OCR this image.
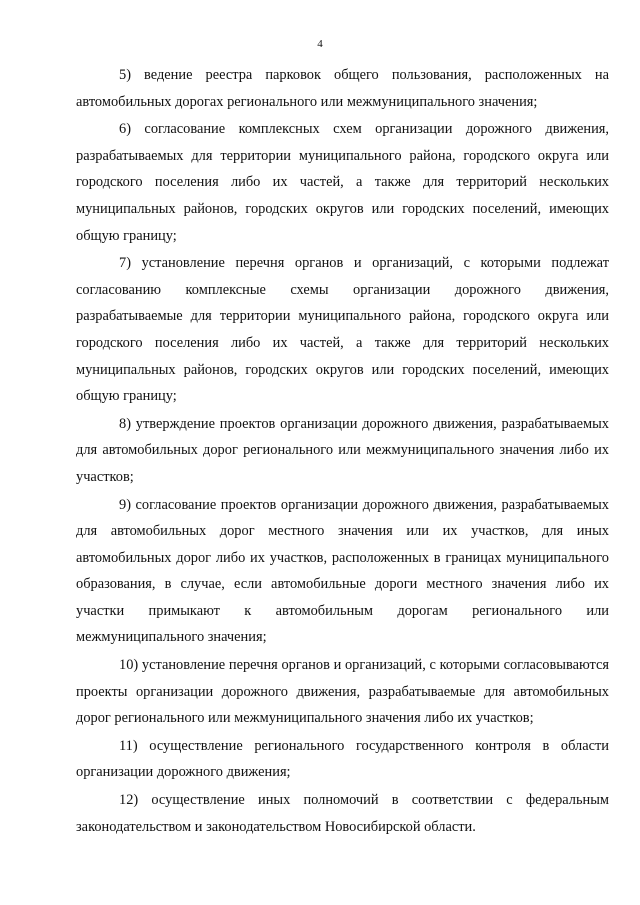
4

5) ведение реестра парковок общего пользования, расположенных на автомобильных дорогах регионального или межмуниципального значения;

6) согласование комплексных схем организации дорожного движения, разрабатываемых для территории муниципального района, городского округа или городского поселения либо их частей, а также для территорий нескольких муниципальных районов, городских округов или городских поселений, имеющих общую границу;

7) установление перечня органов и организаций, с которыми подлежат согласованию комплексные схемы организации дорожного движения, разрабатываемые для территории муниципального района, городского округа или городского поселения либо их частей, а также для территорий нескольких муниципальных районов, городских округов или городских поселений, имеющих общую границу;

8) утверждение проектов организации дорожного движения, разрабатываемых для автомобильных дорог регионального или межмуниципального значения либо их участков;

9) согласование проектов организации дорожного движения, разрабатываемых для автомобильных дорог местного значения или их участков, для иных автомобильных дорог либо их участков, расположенных в границах муниципального образования, в случае, если автомобильные дороги местного значения либо их участки примыкают к автомобильным дорогам регионального или межмуниципального значения;

10) установление перечня органов и организаций, с которыми согласовываются проекты организации дорожного движения, разрабатываемые для автомобильных дорог регионального или межмуниципального значения либо их участков;

11) осуществление регионального государственного контроля в области организации дорожного движения;

12) осуществление иных полномочий в соответствии с федеральным законодательством и законодательством Новосибирской области.
